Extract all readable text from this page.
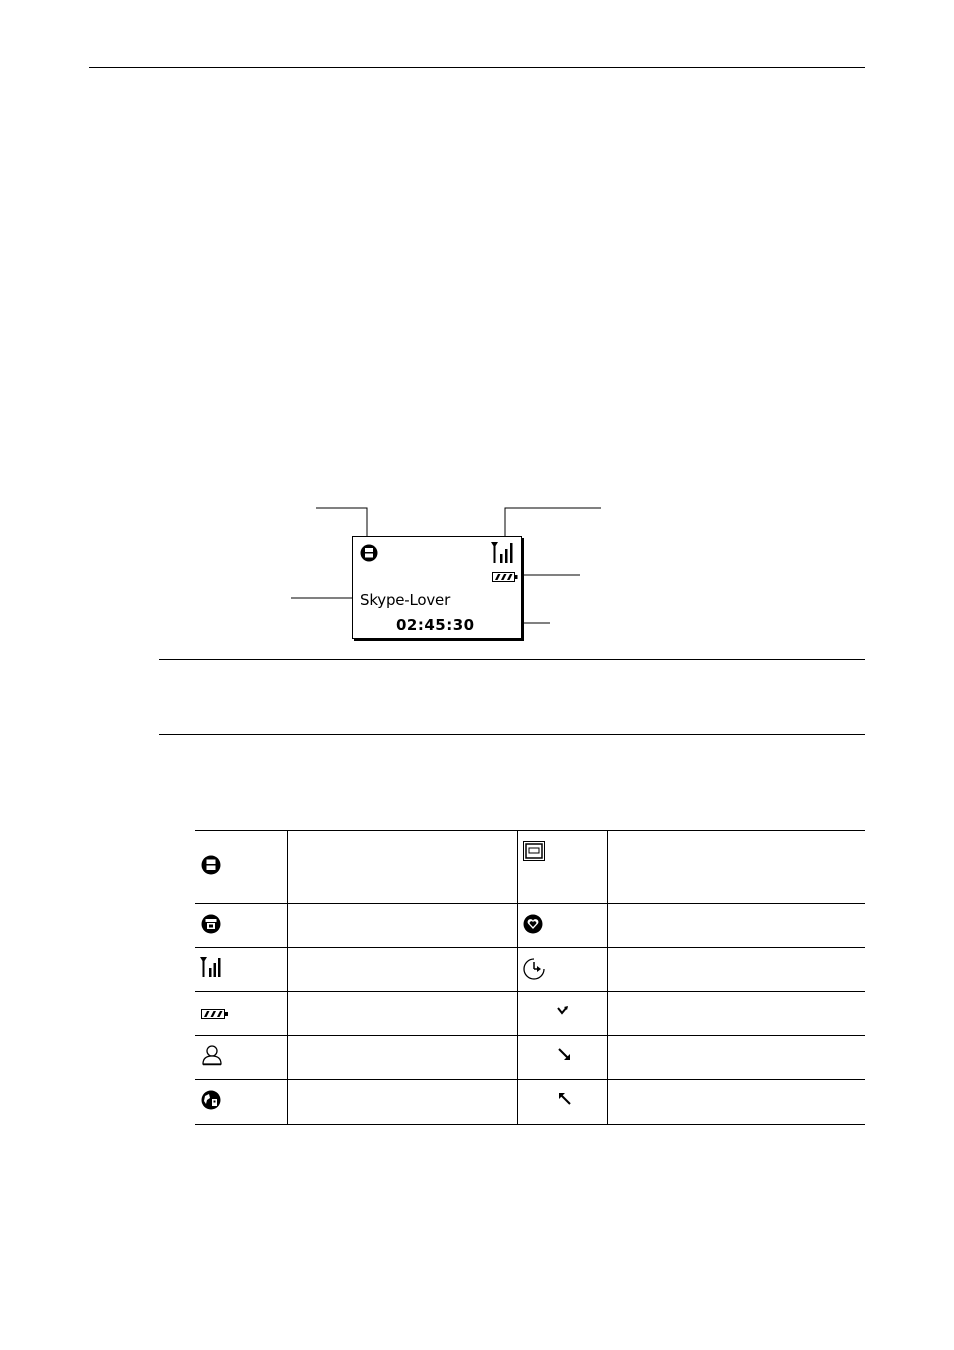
Skype-Lover
02:45:30
